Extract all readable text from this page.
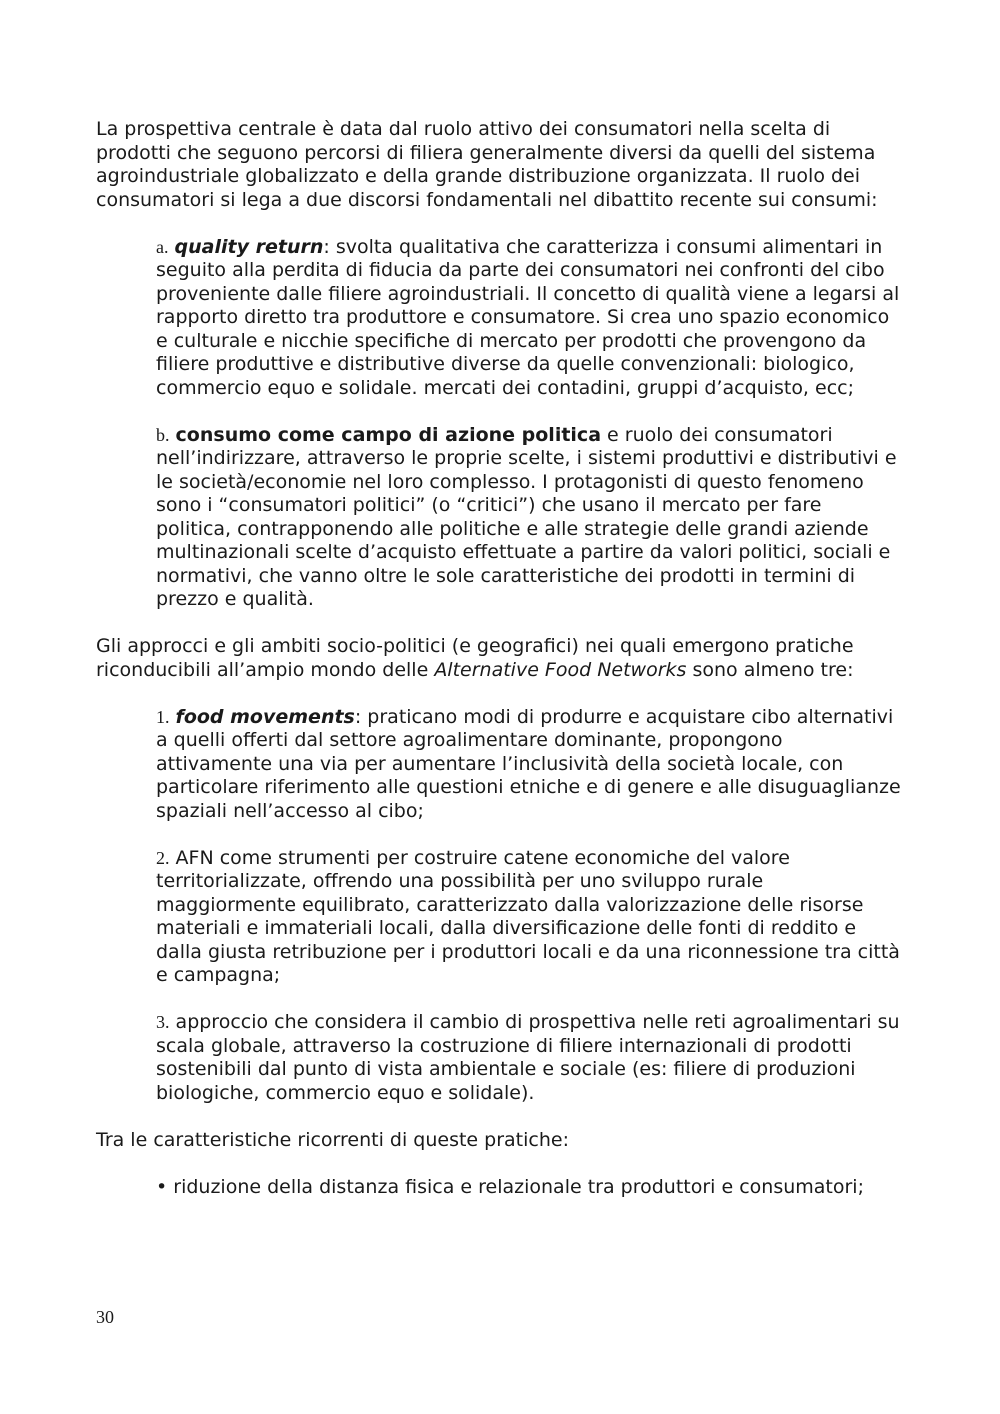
La prospettiva centrale è data dal ruolo attivo dei consumatori nella scelta di prodotti che seguono percorsi di filiera generalmente diversi da quelli del sistema agroindustriale globalizzato e della grande distribuzione organizzata. Il ruolo dei consumatori si lega a due discorsi fondamentali nel dibattito recente sui consumi:

a. quality return: svolta qualitativa che caratterizza i consumi alimentari in seguito alla perdita di fiducia da parte dei consumatori nei confronti del cibo proveniente dalle filiere agroindustriali. Il concetto di qualità viene a legarsi al rapporto diretto tra produttore e consumatore. Si crea uno spazio economico e culturale e nicchie specifiche di mercato per prodotti che provengono da filiere produttive e distributive diverse da quelle convenzionali: biologico, commercio equo e solidale. mercati dei contadini, gruppi d’acquisto, ecc;

b. consumo come campo di azione politica e ruolo dei consumatori nell’indirizzare, attraverso le proprie scelte, i sistemi produttivi e distributivi e le società/economie nel loro complesso. I protagonisti di questo fenomeno sono i “consumatori politici” (o “critici”) che usano il mercato per fare politica, contrapponendo alle politiche e alle strategie delle grandi aziende multinazionali scelte d’acquisto effettuate a partire da valori politici, sociali e normativi, che vanno oltre le sole caratteristiche dei prodotti in termini di prezzo e qualità.

Gli approcci e gli ambiti socio-politici (e geografici) nei quali emergono pratiche riconducibili all’ampio mondo delle Alternative Food Networks sono almeno tre:

1. food movements: praticano modi di produrre e acquistare cibo alternativi a quelli offerti dal settore agroalimentare dominante, propongono attivamente una via per aumentare l’inclusività della società locale, con particolare riferimento alle questioni etniche e di genere e alle disuguaglianze spaziali nell’accesso al cibo;

2. AFN come strumenti per costruire catene economiche del valore territorializzate, offrendo una possibilità per uno sviluppo rurale maggiormente equilibrato, caratterizzato dalla valorizzazione delle risorse materiali e immateriali locali, dalla diversificazione delle fonti di reddito e dalla giusta retribuzione per i produttori locali e da una riconnessione tra città e campagna;

3. approccio che considera il cambio di prospettiva nelle reti agroalimentari su scala globale, attraverso la costruzione di filiere internazionali di prodotti sostenibili dal punto di vista ambientale e sociale (es: filiere di produzioni biologiche, commercio equo e solidale).

Tra le caratteristiche ricorrenti di queste pratiche:

• riduzione della distanza fisica e relazionale tra produttori e consumatori;

30
